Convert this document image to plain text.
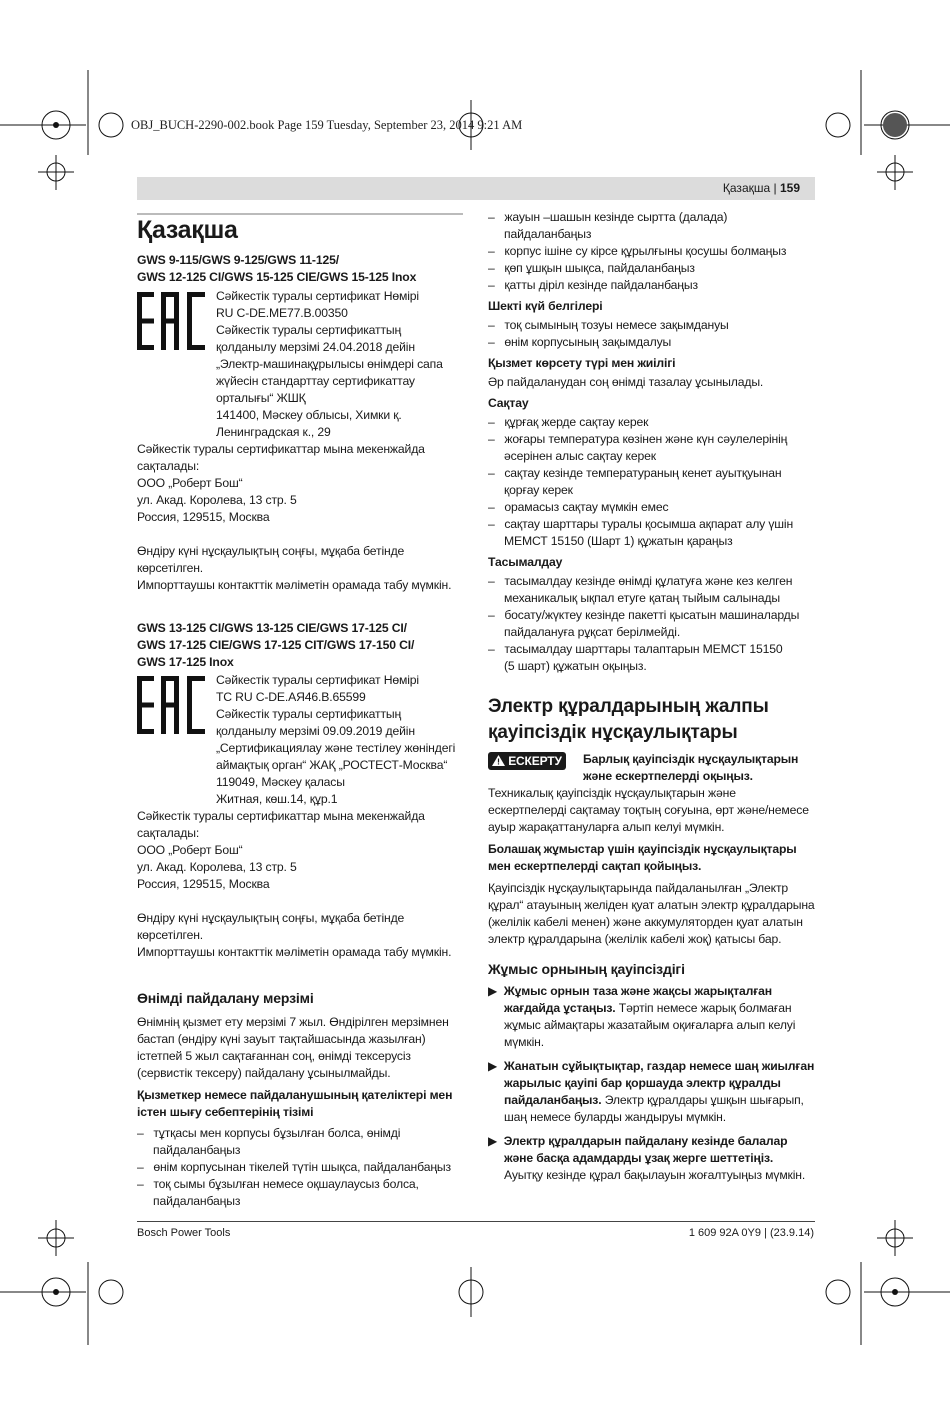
OBJ_BUCH-2290-002.book Page 159 Tuesday, September 23, 2014 9:21 AM
Қазақша | 159
Қазақша

GWS 9-115/GWS 9-125/GWS 11-125/
GWS 12-125 CI/GWS 15-125 CIE/GWS 15-125 Inox

Сәйкестік туралы сертификат Нөмірі

RU C-DE.ME77.B.00350

Сәйкестік туралы сертификаттың

қолданылу мерзімі 24.04.2018 дейін

„Электр-машинақұрылысы өнімдері сапа

жүйесін стандарттау сертификаттау

орталығы“ ЖШҚ

141400, Мәскеу облысы, Химки қ.

Ленинградская к., 29

Сәйкестік туралы сертификаттар мына мекенжайда

сақталады:

ООО „Роберт Бош“

ул. Акад. Королева, 13 стр. 5

Россия, 129515, Москва

Өндіру күні нұсқаулықтың соңғы, мұқаба бетінде

көрсетілген.

Импорттаушы контакттік мәліметін орамада табу мүмкін.

GWS 13-125 CI/GWS 13-125 CIE/GWS 17-125 CI/
GWS 17-125 CIE/GWS 17-125 CIT/GWS 17-150 CI/
GWS 17-125 Inox

Сәйкестік туралы сертификат Нөмірі

TC RU C-DE.AЯ46.B.65599

Сәйкестік туралы сертификаттың

қолданылу мерзімі 09.09.2019 дейін

„Сертификациялау және тестілеу жөніндегі

аймақтық орган“ ЖАҚ „РОСТЕСТ-Москва“

119049, Мәскеу қаласы

Житная, көш.14, құр.1

Сәйкестік туралы сертификаттар мына мекенжайда

сақталады:

ООО „Роберт Бош“

ул. Акад. Королева, 13 стр. 5

Россия, 129515, Москва

Өндіру күні нұсқаулықтың соңғы, мұқаба бетінде

көрсетілген.

Импорттаушы контакттік мәліметін орамада табу мүмкін.

Өнімді пайдалану мерзімі

Өнімнің қызмет ету мерзімі 7 жыл. Өндірілген мерзімнен

бастап (өндіру күні зауыт тақтайшасында жазылған)

істетпей 5 жыл сақтағаннан соң, өнімді тексерусіз

(сервистік тексеру) пайдалану ұсынылмайды.

Қызметкер немесе пайдаланушының қателіктері мен
істен шығу себептерінің тізімі

–   тұтқасы мен корпусы бұзылған болса, өнімді
пайдаланбаңыз
–   өнім корпусынан тікелей түтін шықса, пайдаланбаңыз
–   тоқ сымы бұзылған немесе оқшаулаусыз болса,
пайдаланбаңыз
–   жауын –шашын кезінде сыртта (далада)
пайдаланбаңыз
–   корпус ішіне су кірсе құрылғыны қосушы болмаңыз
–   қөп ұшқын шықса, пайдаланбаңыз
–   қатты діріл кезінде пайдаланбаңыз

Шекті күй белгілері

–   тоқ сымының тозуы немесе зақымдануы
–   өнім корпусының зақымдалуы

Қызмет көрсету түрі мен жиілігі

Әр пайдаланудан соң өнімді тазалау ұсынылады.

Сақтау

–   құрғақ жерде сақтау керек
–   жоғары температура көзінен және күн сәулелерінің
әсерінен алыс сақтау керек
–   сақтау кезінде температураның кенет ауытқуынан
қорғау керек
–   орамасыз сақтау мүмкін емес
–   сақтау шарттары туралы қосымша ақпарат алу үшін
МЕМСТ 15150 (Шарт 1) құжатын қараңыз

Тасымалдау

–   тасымалдау кезінде өнімді құлатуға және кез келген
механикалық ықпал етуге қатаң тыйым салынады
–   босату/жүктеу кезінде пакетті қысатын машиналарды
пайдалануға рұқсат берілмейді.
–   тасымалдау шарттары талаптарын МЕМСТ 15150
(5 шарт) құжатын оқыңыз.

Электр құралдарының жалпы
қауіпсіздік нұсқаулықтары

ЕСКЕРТУ	Барлық қауіпсіздік нұсқаулықтарын
және ескертпелерді оқыңыз.

Техникалық қауіпсіздік нұсқаулықтарын және

ескертпелерді сақтамау тоқтың соғуына, өрт және/немесе

ауыр жарақаттануларға алып келуі мүмкін.

Болашақ жұмыстар үшін қауіпсіздік нұсқаулықтары
мен ескертпелерді сақтап қойыңыз.

Қауіпсіздік нұсқаулықтарында пайдаланылған „Электр

құрал“ атауының желіден қуат алатын электр құралдарына

(желілік кабелі менен) және аккумуляторден қуат алатын

электр құралдарына (желілік кабелі жоқ) қатысы бар.

Жұмыс орнының қауіпсіздігі

▶ Жұмыс орнын таза және жақсы жарықталған
жағдайда ұстаңыз. Тәртіп немесе жарық болмаған
жұмыс аймақтары жазатайым оқиғаларға алып келуі
мүмкін.
▶ Жанатын сұйықтықтар, газдар немесе шаң жиылған
жарылыс қауіпі бар қоршауда электр құралды
пайдаланбаңыз. Электр құралдары ұшқын шығарып,
шаң немесе буларды жандыруы мүмкін.
▶ Электр құралдарын пайдалану кезінде балалар
және басқа адамдарды ұзақ жерге шеттетіңіз.
Ауытқу кезінде құрал бақылауын жоғалтуыңыз мүмкін.
Bosch Power Tools	1 609 92A 0Y9 | (23.9.14)
